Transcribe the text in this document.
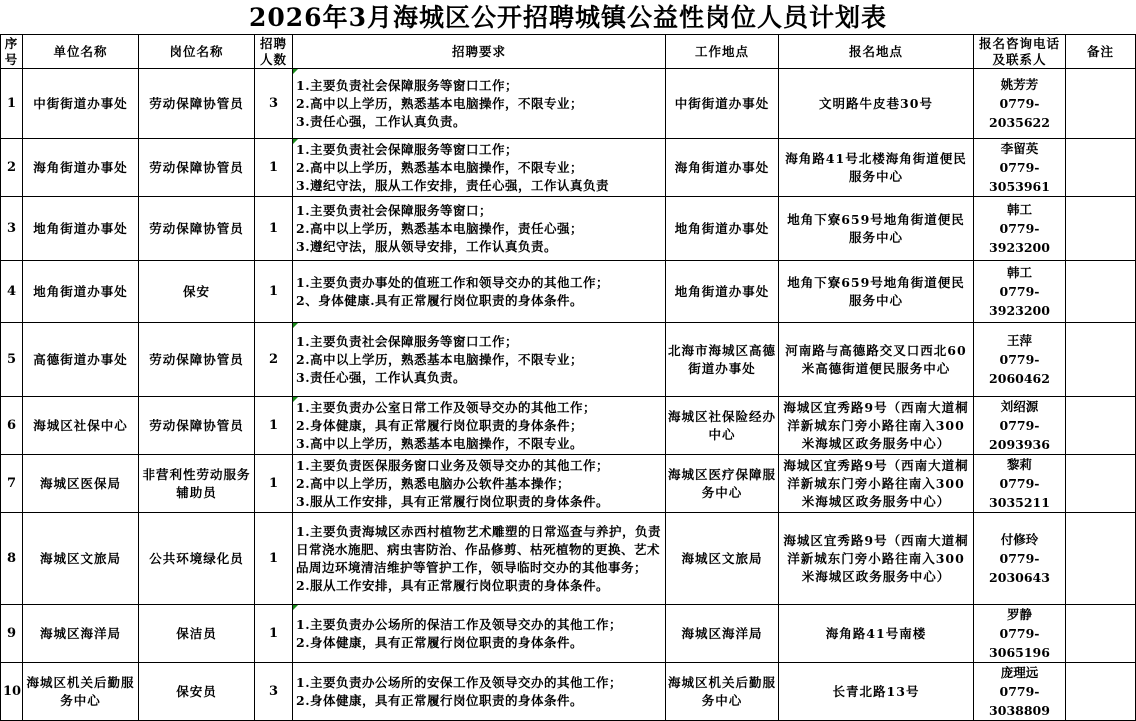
2026年3月海城区公开招聘城镇公益性岗位人员计划表
序号	单位名称	岗位名称	招聘人数	招聘要求	工作地点	报名地点	报名咨询电话及联系人	备注
1	中街街道办事处	劳动保障协管员	3	1.主要负责社会保障服务等窗口工作；
2.高中以上学历，熟悉基本电脑操作，不限专业；
3.责任心强，工作认真负责。	中街街道办事处	文明路牛皮巷30号	姚芳芳
0779-
2035622	
2	海角街道办事处	劳动保障协管员	1	1.主要负责社会保障服务等窗口工作；
2.高中以上学历，熟悉基本电脑操作，不限专业；
3.遵纪守法，服从工作安排，责任心强，工作认真负责	海角街道办事处	海角路41号北楼海角街道便民服务中心	李留英
0779-
3053961	
3	地角街道办事处	劳动保障协管员	1	1.主要负责社会保障服务等窗口；
2.高中以上学历，熟悉基本电脑操作，责任心强；
3.遵纪守法，服从领导安排，工作认真负责。	地角街道办事处	地角下寮659号地角街道便民服务中心	韩工
0779-
3923200	
4	地角街道办事处	保安	1	1.主要负责办事处的值班工作和领导交办的其他工作；
2、身体健康.具有正常履行岗位职责的身体条件。	地角街道办事处	地角下寮659号地角街道便民服务中心	韩工
0779-
3923200	
5	高德街道办事处	劳动保障协管员	2	1.主要负责社会保障服务等窗口工作；
2.高中以上学历，熟悉基本电脑操作，不限专业；
3.责任心强，工作认真负责。	北海市海城区高德街道办事处	河南路与高德路交叉口西北60米高德街道便民服务中心	王萍
0779-
2060462	
6	海城区社保中心	劳动保障协管员	1	1.主要负责办公室日常工作及领导交办的其他工作；
2.身体健康，具有正常履行岗位职责的身体条件；
3.高中以上学历，熟悉基本电脑操作，不限专业。	海城区社保险经办中心	海城区宜秀路9号（西南大道桐洋新城东门旁小路往南入300米海城区政务服务中心）	刘绍源
0779-
2093936	
7	海城区医保局	非营利性劳动服务辅助员	1	1.主要负责医保服务窗口业务及领导交办的其他工作；
2.高中以上学历，熟悉电脑办公软件基本操作；
3.服从工作安排，具有正常履行岗位职责的身体条件。	海城区医疗保障服务中心	海城区宜秀路9号（西南大道桐洋新城东门旁小路往南入300米海城区政务服务中心）	黎莉
0779-
3035211	
8	海城区文旅局	公共环境绿化员	1	1.主要负责海城区赤西村植物艺术雕塑的日常巡查与养护，负责日常浇水施肥、病虫害防治、作品修剪、枯死植物的更换、艺术品周边环境清洁维护等管护工作，领导临时交办的其他事务；
2.服从工作安排，具有正常履行岗位职责的身体条件。	海城区文旅局	海城区宜秀路9号（西南大道桐洋新城东门旁小路往南入300米海城区政务服务中心）	付修玲
0779-
2030643	
9	海城区海洋局	保洁员	1	1.主要负责办公场所的保洁工作及领导交办的其他工作；
2.身体健康，具有正常履行岗位职责的身体条件。	海城区海洋局	海角路41号南楼	罗静
0779-
3065196	
10	海城区机关后勤服务中心	保安员	3	1.主要负责办公场所的安保工作及领导交办的其他工作；
2.身体健康，具有正常履行岗位职责的身体条件。	海城区机关后勤服务中心	长青北路13号	庞理远
0779-
3038809	
